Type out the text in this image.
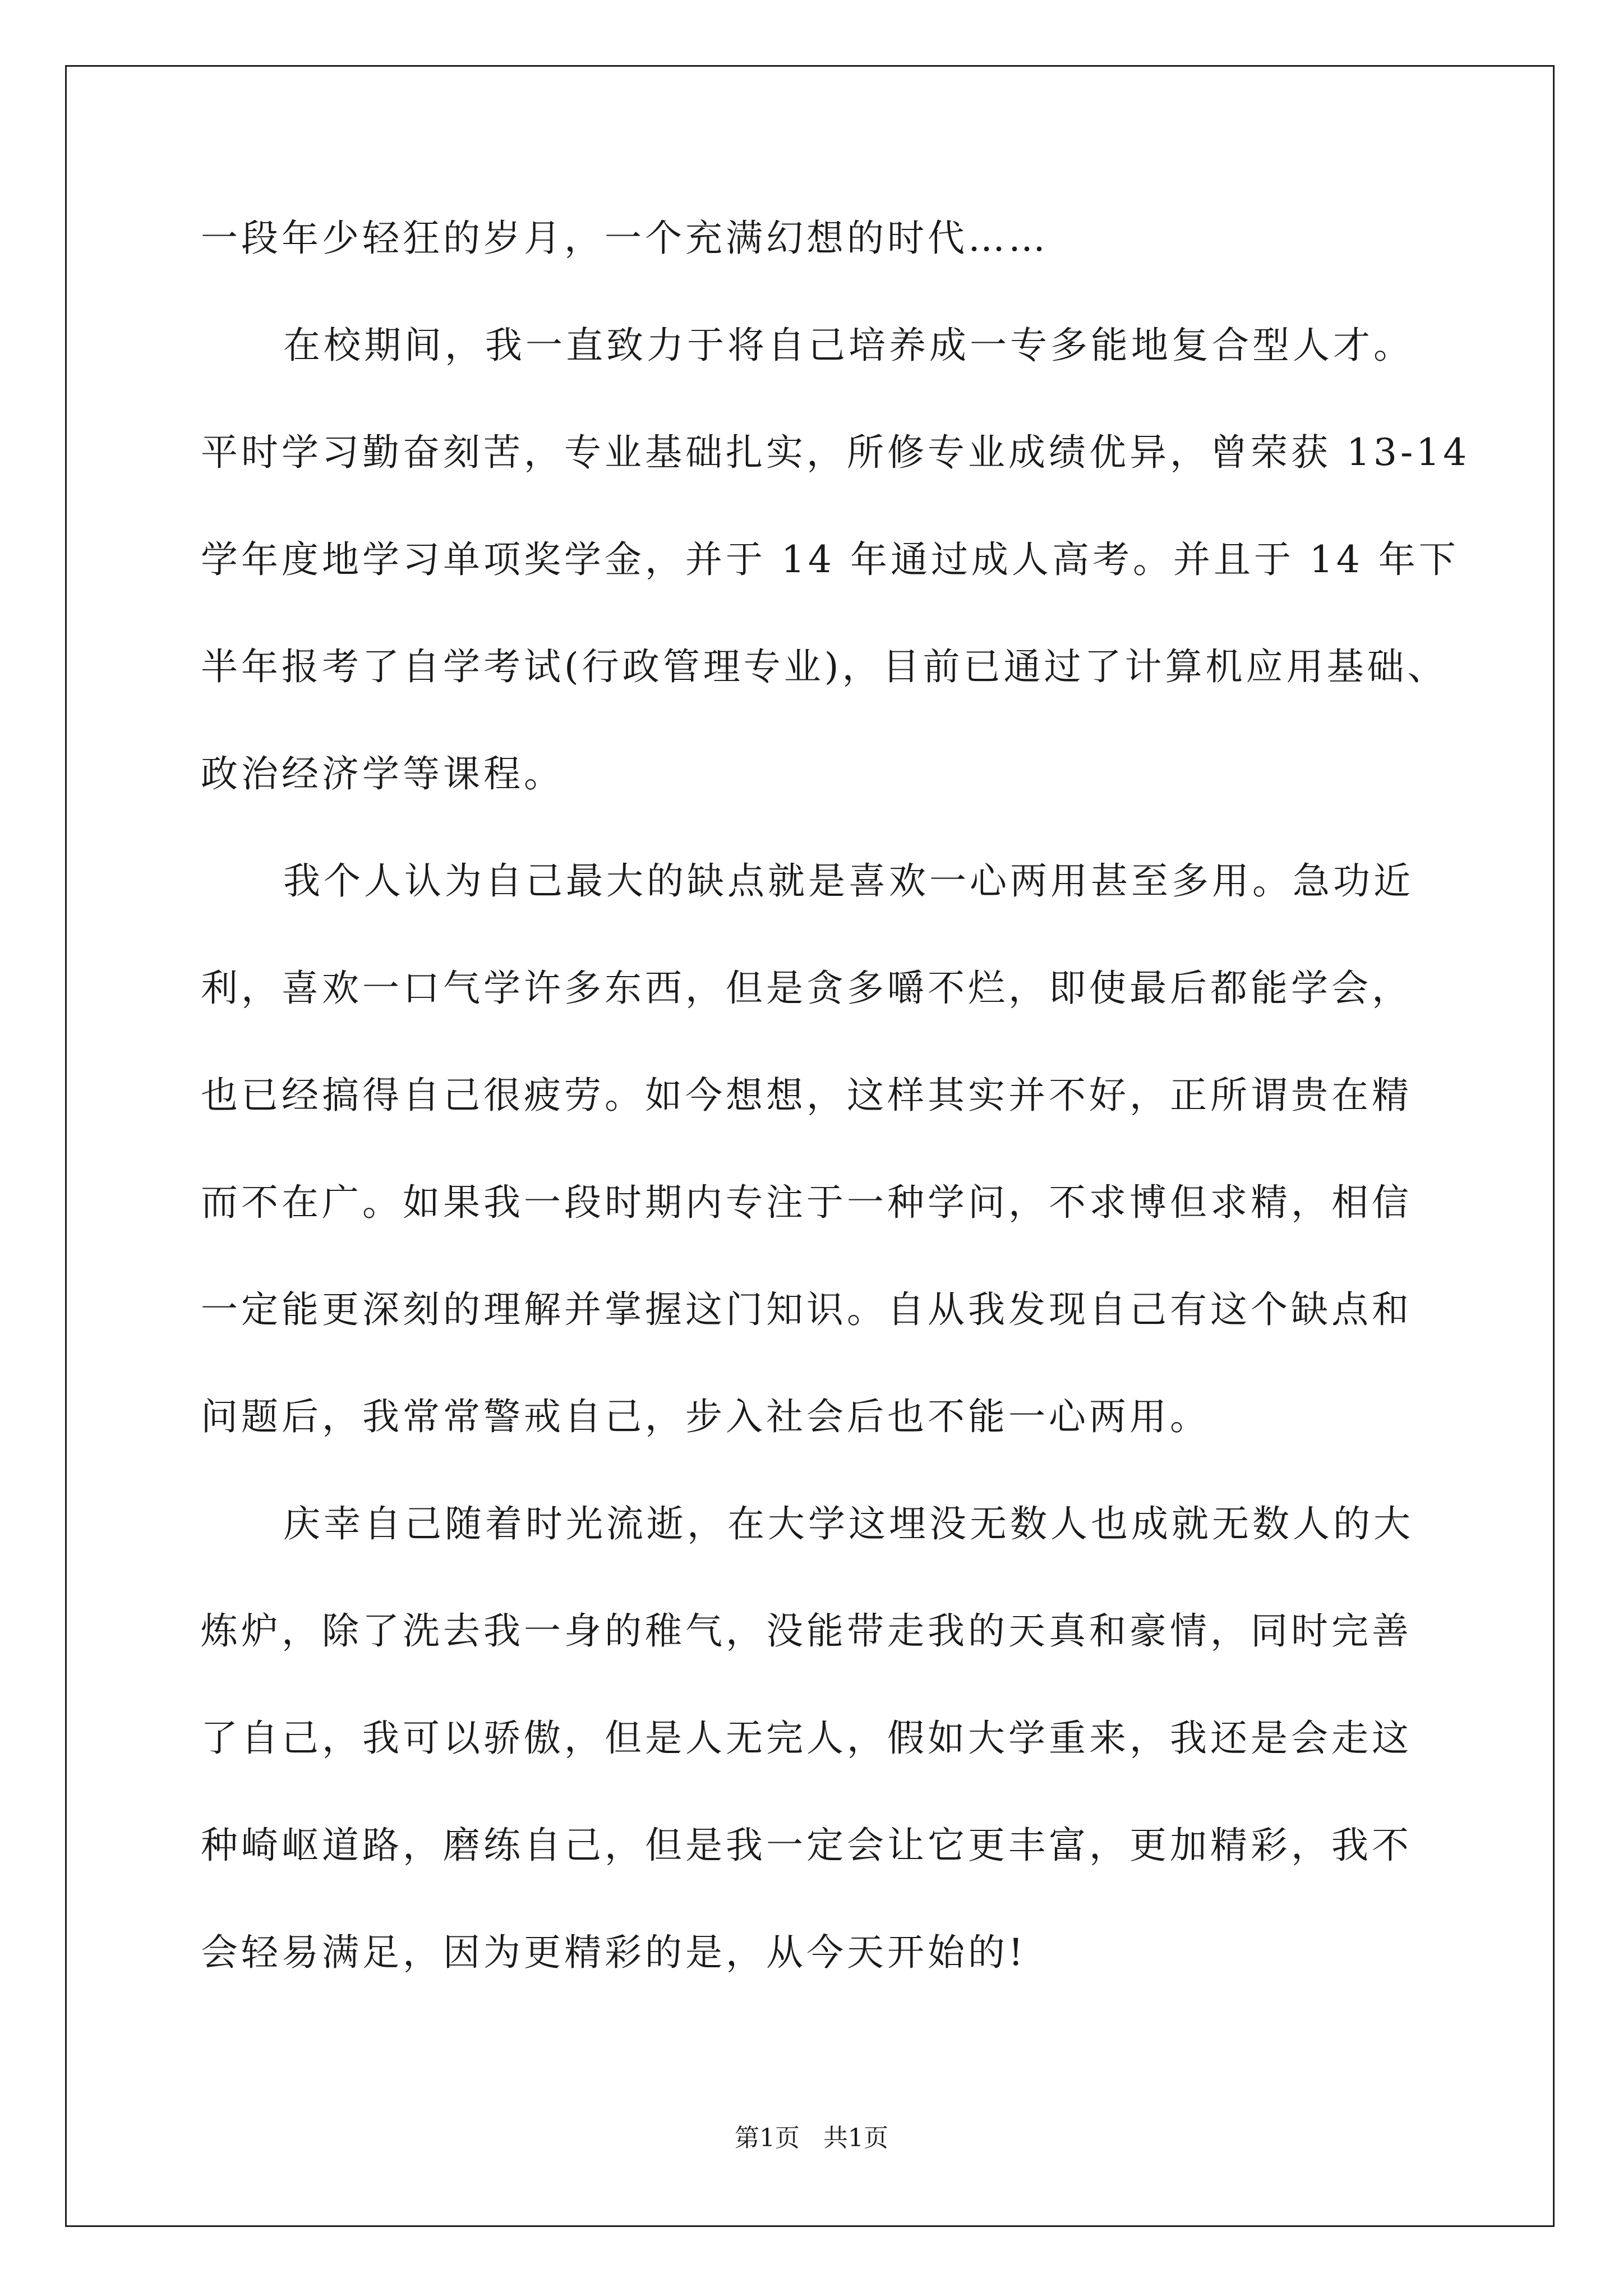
一段年少轻狂的岁月，一个充满幻想的时代……
在校期间，我一直致力于将自己培养成一专多能地复合型人才。
平时学习勤奋刻苦，专业基础扎实，所修专业成绩优异，曾荣获 13-14
学年度地学习单项奖学金，并于 14 年通过成人高考。并且于 14 年下
半年报考了自学考试(行政管理专业)，目前已通过了计算机应用基础、
政治经济学等课程。
我个人认为自己最大的缺点就是喜欢一心两用甚至多用。急功近
利，喜欢一口气学许多东西，但是贪多嚼不烂，即使最后都能学会，
也已经搞得自己很疲劳。如今想想，这样其实并不好，正所谓贵在精
而不在广。如果我一段时期内专注于一种学问，不求博但求精，相信
一定能更深刻的理解并掌握这门知识。自从我发现自己有这个缺点和
问题后，我常常警戒自己，步入社会后也不能一心两用。
庆幸自己随着时光流逝，在大学这埋没无数人也成就无数人的大
炼炉，除了洗去我一身的稚气，没能带走我的天真和豪情，同时完善
了自己，我可以骄傲，但是人无完人，假如大学重来，我还是会走这
种崎岖道路，磨练自己，但是我一定会让它更丰富，更加精彩，我不
会轻易满足，因为更精彩的是，从今天开始的!
第1页   共1页
